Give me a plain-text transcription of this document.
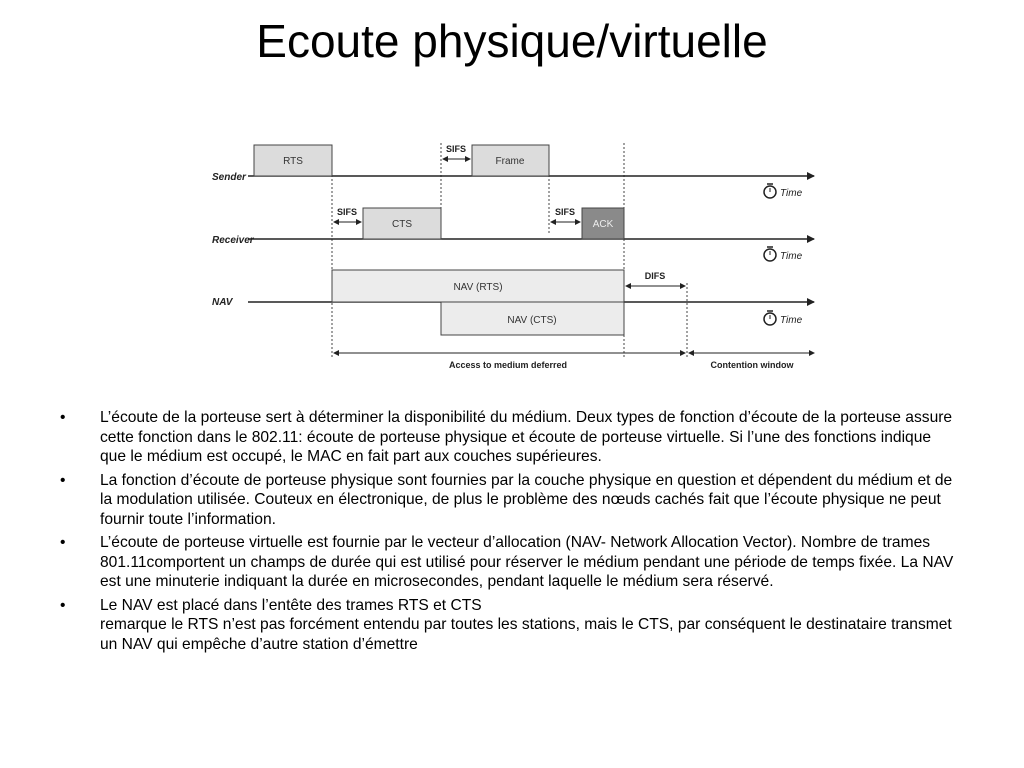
Ecoute physique/virtuelle
Sender
RTS	Frame
SIFS
Time
Receiver
CTS	ACK
SIFS	SIFS
Time
NAV
NAV (RTS)
NAV (CTS)
DIFS
Time
Access to medium deferred	Contention window
•	L’écoute de la porteuse sert à déterminer la disponibilité du médium. Deux types de fonction d’écoute de la porteuse assure cette fonction dans le 802.11: écoute de porteuse physique et écoute de porteuse virtuelle. Si l’une des fonctions indique que le médium est occupé, le MAC en fait part aux couches supérieures.
•	La fonction d’écoute de porteuse physique sont fournies par la couche physique en question et dépendent du médium et de la modulation utilisée. Couteux en électronique, de plus le problème des nœuds cachés fait que l’écoute physique ne peut fournir toute l’information.
•	L’écoute de porteuse virtuelle est fournie par le vecteur d’allocation (NAV- Network Allocation Vector). Nombre de trames 801.11comportent un champs de durée qui est utilisé pour réserver le médium pendant une période de temps fixée. La NAV est une minuterie indiquant la durée en microsecondes, pendant laquelle le médium sera réservé.
•	Le NAV est placé dans l’entête des trames RTS et CTS
remarque le RTS n’est pas forcément entendu par toutes les stations, mais le CTS, par conséquent le destinataire transmet un NAV qui empêche d’autre station d’émettre
